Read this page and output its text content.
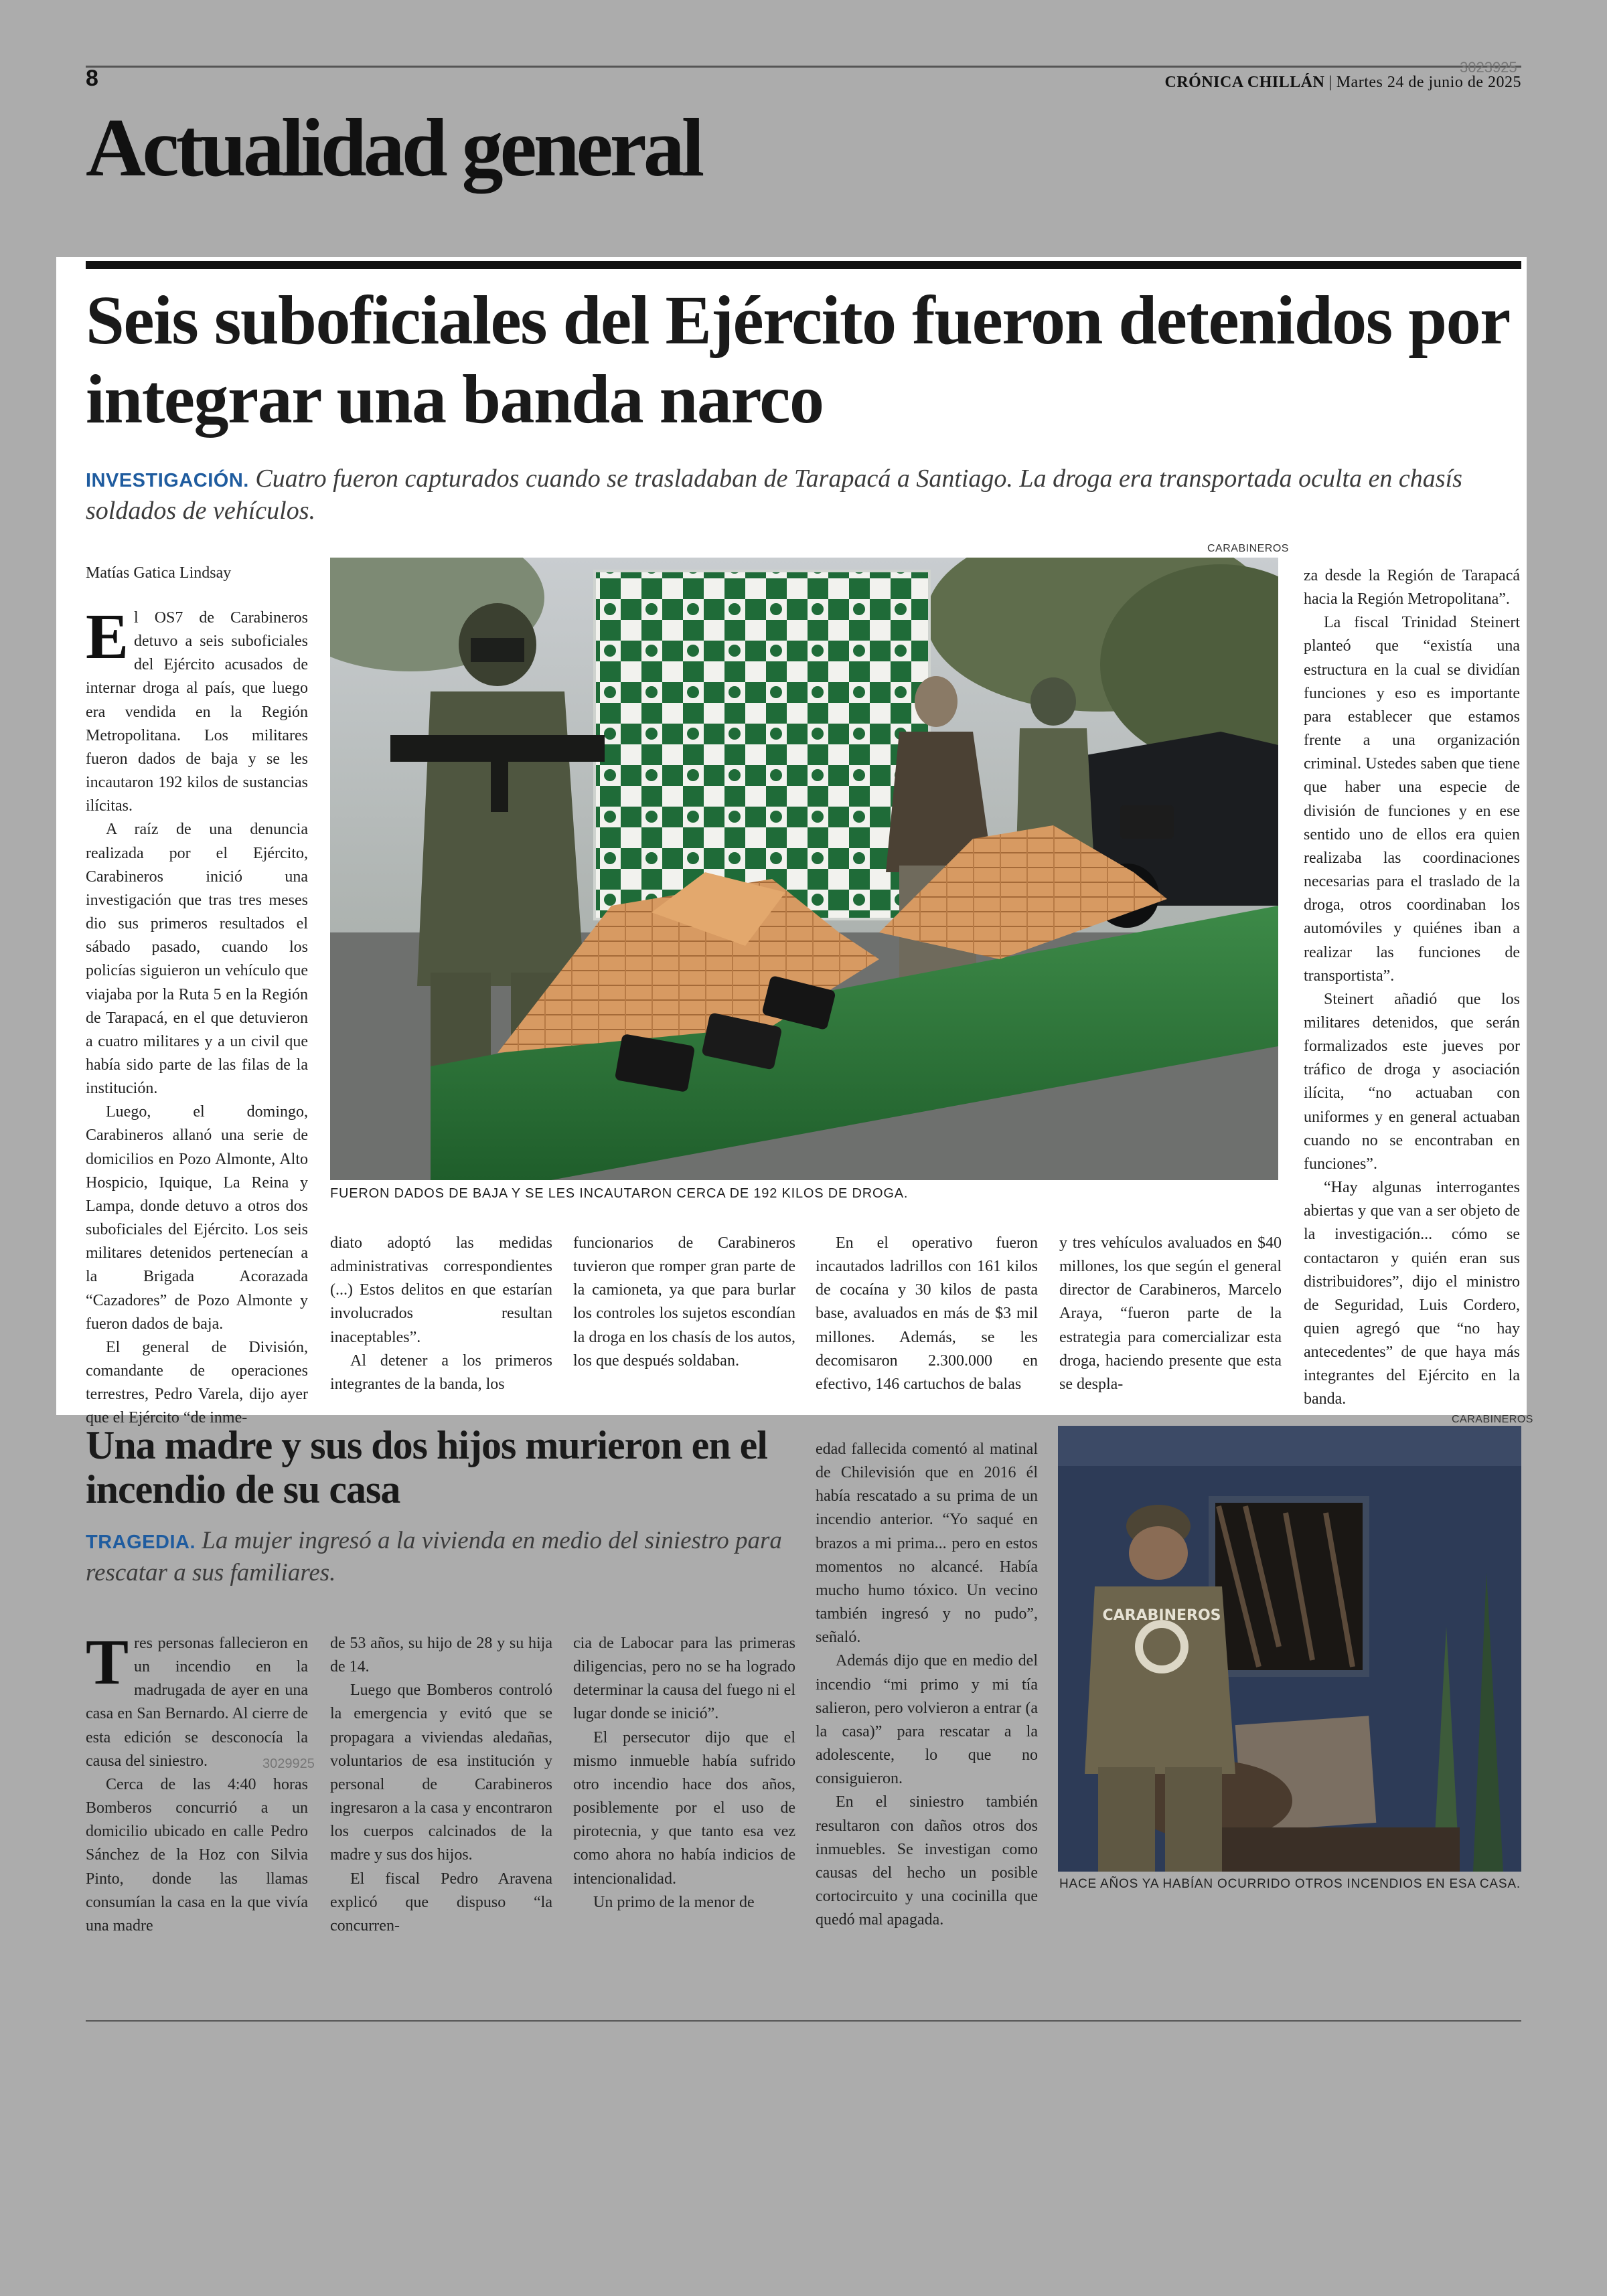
8	3023925
CRÓNICA CHILLÁN | Martes 24 de junio de 2025
Actualidad general
Seis suboficiales del Ejército fueron detenidos por integrar una banda narco

INVESTIGACIÓN. Cuatro fueron capturados cuando se trasladaban de Tarapacá a Santiago. La droga era transportada oculta en chasís soldados de vehículos.

Matías Gatica Lindsay

El OS7 de Carabineros detuvo a seis suboficiales del Ejército acusados de internar droga al país, que luego era vendida en la Región Metropolitana. Los militares fueron dados de baja y se les incautaron 192 kilos de sustancias ilícitas.

A raíz de una denuncia realizada por el Ejército, Carabineros inició una investigación que tras tres meses dio sus primeros resultados el sábado pasado, cuando los policías siguieron un vehículo que viajaba por la Ruta 5 en la Región de Tarapacá, en el que detuvieron a cuatro militares y a un civil que había sido parte de las filas de la institución.

Luego, el domingo, Carabineros allanó una serie de domicilios en Pozo Almonte, Alto Hospicio, Iquique, La Reina y Lampa, donde detuvo a otros dos suboficiales del Ejército. Los seis militares detenidos pertenecían a la Brigada Acorazada “Cazadores” de Pozo Almonte y fueron dados de baja.

El general de División, comandante de operaciones terrestres, Pedro Varela, dijo ayer que el Ejército “de inme-

CARABINEROS
FUERON DADOS DE BAJA Y SE LES INCAUTARON CERCA DE 192 KILOS DE DROGA.

diato adoptó las medidas administrativas correspondientes (...) Estos delitos en que estarían involucrados resultan inaceptables”.

Al detener a los primeros integrantes de la banda, los

funcionarios de Carabineros tuvieron que romper gran parte de la camioneta, ya que para burlar los controles los sujetos escondían la droga en los chasís de los autos, los que después soldaban.

En el operativo fueron incautados ladrillos con 161 kilos de cocaína y 30 kilos de pasta base, avaluados en más de $3 mil millones. Además, se les decomisaron 2.300.000 en efectivo, 146 cartuchos de balas

y tres vehículos avaluados en $40 millones, los que según el general director de Carabineros, Marcelo Araya, “fueron parte de la estrategia para comercializar esta droga, haciendo presente que esta se despla-

za desde la Región de Tarapacá hacia la Región Metropolitana”.

La fiscal Trinidad Steinert planteó que “existía una estructura en la cual se dividían funciones y eso es importante para establecer que estamos frente a una organización criminal. Ustedes saben que tiene que haber una especie de división de funciones y en ese sentido uno de ellos era quien realizaba las coordinaciones necesarias para el traslado de la droga, otros coordinaban los automóviles y quiénes iban a realizar las funciones de transportista”.

Steinert añadió que los militares detenidos, que serán formalizados este jueves por tráfico de droga y asociación ilícita, “no actuaban con uniformes y en general actuaban cuando no se encontraban en funciones”.

“Hay algunas interrogantes abiertas y que van a ser objeto de la investigación... cómo se contactaron y quién eran sus distribuidores”, dijo el ministro de Seguridad, Luis Cordero, quien agregó que “no hay antecedentes” de que haya más integrantes del Ejército en la banda.

Una madre y sus dos hijos murieron en el incendio de su casa

TRAGEDIA. La mujer ingresó a la vivienda en medio del siniestro para rescatar a sus familiares.

Tres personas fallecieron en un incendio en la madrugada de ayer en una casa en San Bernardo. Al cierre de esta edición se desconocía la causa del siniestro.

Cerca de las 4:40 horas Bomberos concurrió a un domicilio ubicado en calle Pedro Sánchez de la Hoz con Silvia Pinto, donde las llamas consumían la casa en la que vivía una madre

3029925

de 53 años, su hijo de 28 y su hija de 14.

Luego que Bomberos controló la emergencia y evitó que se propagara a viviendas aledañas, voluntarios de esa institución y personal de Carabineros ingresaron a la casa y encontraron los cuerpos calcinados de la madre y sus dos hijos.

El fiscal Pedro Aravena explicó que dispuso “la concurren-

cia de Labocar para las primeras diligencias, pero no se ha logrado determinar la causa del fuego ni el lugar donde se inició”.

El persecutor dijo que el mismo inmueble había sufrido otro incendio hace dos años, posiblemente por el uso de pirotecnia, y que tanto esa vez como ahora no había indicios de intencionalidad.

Un primo de la menor de

edad fallecida comentó al matinal de Chilevisión que en 2016 él había rescatado a su prima de un incendio anterior. “Yo saqué en brazos a mi prima... pero en estos momentos no alcancé. Había mucho humo tóxico. Un vecino también ingresó y no pudo”, señaló.

Además dijo que en medio del incendio “mi primo y mi tía salieron, pero volvieron a entrar (a la casa)” para rescatar a la adolescente, lo que no consiguieron.

En el siniestro también resultaron con daños otros dos inmuebles. Se investigan como causas del hecho un posible cortocircuito y una cocinilla que quedó mal apagada.

CARABINEROS
CARABINEROS
HACE AÑOS YA HABÍAN OCURRIDO OTROS INCENDIOS EN ESA CASA.
